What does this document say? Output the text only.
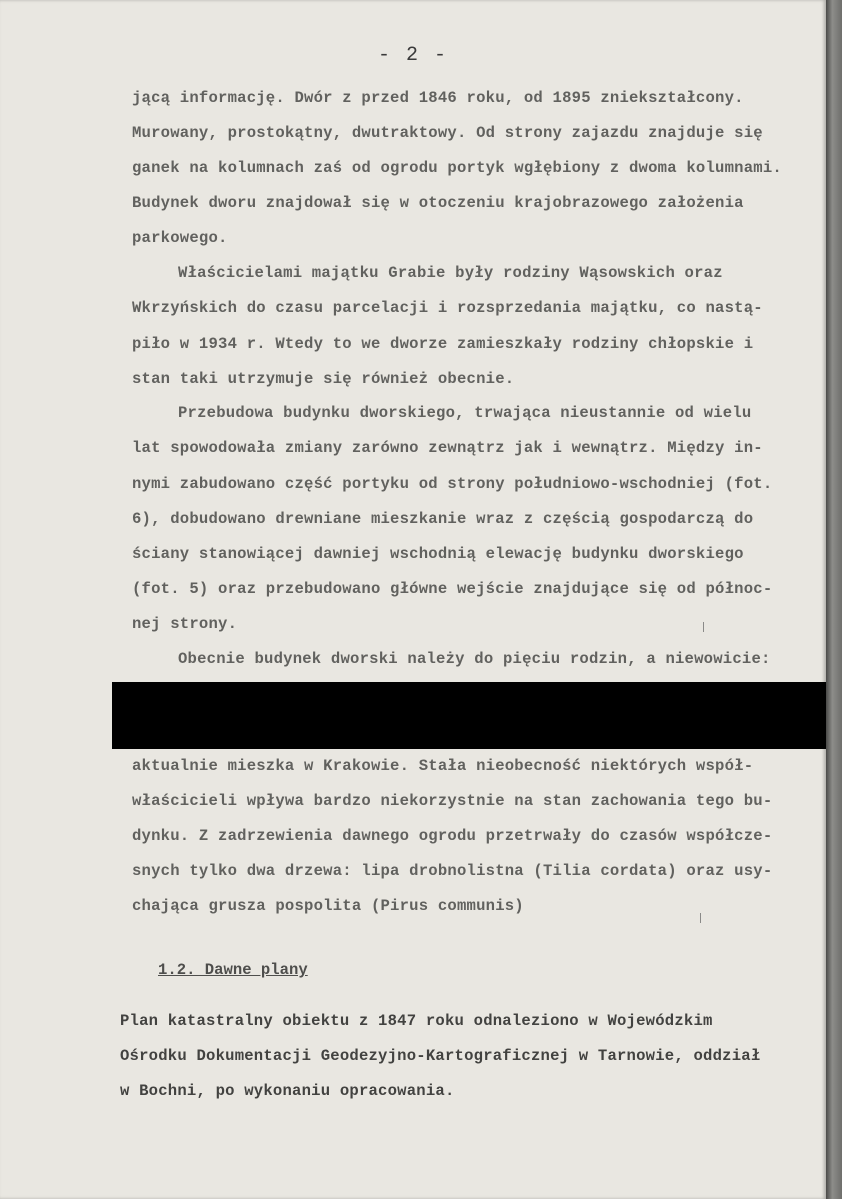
- 2 -
jącą informację. Dwór z przed 1846 roku, od 1895 zniekształcony.
Murowany, prostokątny, dwutraktowy. Od strony zajazdu znajduje się
ganek na kolumnach zaś od ogrodu portyk wgłębiony z dwoma kolumnami.
Budynek dworu znajdował się w otoczeniu krajobrazowego założenia
parkowego.
Właścicielami majątku Grabie były rodziny Wąsowskich oraz
Wkrzyńskich do czasu parcelacji i rozsprzedania majątku, co nastą-
piło w 1934 r. Wtedy to we dworze zamieszkały rodziny chłopskie i
stan taki utrzymuje się również obecnie.
Przebudowa budynku dworskiego, trwająca nieustannie od wielu
lat spowodowała zmiany zarówno zewnątrz jak i wewnątrz. Między in-
nymi zabudowano część portyku od strony południowo-wschodniej (fot.
6), dobudowano drewniane mieszkanie wraz z częścią gospodarczą do
ściany stanowiącej dawniej wschodnią elewację budynku dworskiego
(fot. 5) oraz przebudowano główne wejście znajdujące się od północ-
nej strony.
Obecnie budynek dworski należy do pięciu rodzin, a niewowicie:
aktualnie mieszka w Krakowie. Stała nieobecność niektórych współ-
właścicieli wpływa bardzo niekorzystnie na stan zachowania tego bu-
dynku. Z zadrzewienia dawnego ogrodu przetrwały do czasów współcze-
snych tylko dwa drzewa: lipa drobnolistna (Tilia cordata) oraz usy-
chająca grusza pospolita (Pirus communis)
1.2. Dawne plany
Plan katastralny obiektu z 1847 roku odnaleziono w Wojewódzkim
Ośrodku Dokumentacji Geodezyjno-Kartograficznej w Tarnowie, oddział
w Bochni, po wykonaniu opracowania.
